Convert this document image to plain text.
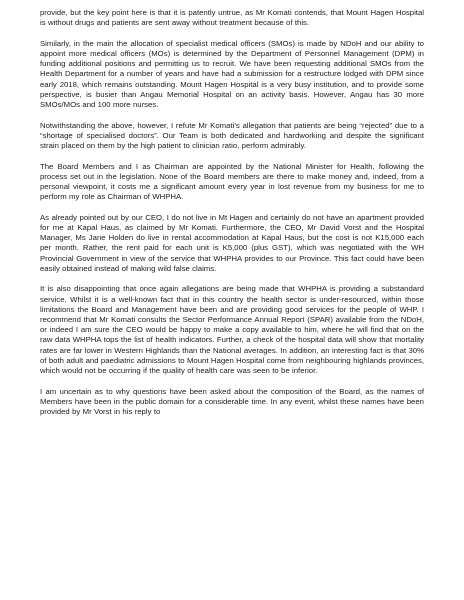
provide, but the key point here is that it is patently untrue, as Mr Komati contends, that Mount Hagen Hospital is without drugs and patients are sent away without treatment because of this.

Similarly, in the main the allocation of specialist medical officers (SMOs) is made by NDoH and our ability to appoint more medical officers (MOs) is determined by the Department of Personnel Management (DPM) in funding additional positions and permitting us to recruit. We have been requesting additional SMOs from the Health Department for a number of years and have had a submission for a restructure lodged with DPM since early 2018, which remains outstanding. Mount Hagen Hospital is a very busy institution, and to provide some perspective, is busier than Angau Memorial Hospital on an activity basis. However, Angau has 30 more SMOs/MOs and 100 more nurses.

Notwithstanding the above, however, I refute Mr Komati’s allegation that patients are being “rejected” due to a “shortage of specialised doctors”. Our Team is both dedicated and hardworking and despite the significant strain placed on them by the high patient to clinician ratio, perform admirably.

The Board Members and I as Chairman are appointed by the National Minister for Health, following the process set out in the legislation. None of the Board members are there to make money and, indeed, from a personal viewpoint, it costs me a significant amount every year in lost revenue from my business for me to perform my role as Chairman of WHPHA.

As already pointed out by our CEO, I do not live in Mt Hagen and certainly do not have an apartment provided for me at Kapal Haus, as claimed by Mr Komati. Furthermore, the CEO, Mr David Vorst and the Hospital Manager, Ms Jane Holden do live in rental accommodation at Kapal Haus, but the cost is not K15,000 each per month. Rather, the rent paid for each unit is K5,000 (plus GST), which was negotiated with the WH Provincial Government in view of the service that WHPHA provides to our Province. This fact could have been easily obtained instead of making wild false claims.

It is also disappointing that once again allegations are being made that WHPHA is providing a substandard service. Whilst it is a well-known fact that in this country the health sector is under-resourced, within those limitations the Board and Management have been and are providing good services for the people of WHP. I recommend that Mr Komati consults the Sector Performance Annual Report (SPAR) available from the NDoH, or indeed I am sure the CEO would be happy to make a copy available to him, where he will find that on the raw data WHPHA tops the list of health indicators. Further, a check of the hospital data will show that mortality rates are far lower in Western Highlands than the National averages. In addition, an interesting fact is that 30% of both adult and paediatric admissions to Mount Hagen Hospital come from neighbouring highlands provinces, which would not be occurring if the quality of health care was seen to be inferior.

I am uncertain as to why questions have been asked about the composition of the Board, as the names of Members have been in the public domain for a considerable time. In any event, whilst these names have been provided by Mr Vorst in his reply to
